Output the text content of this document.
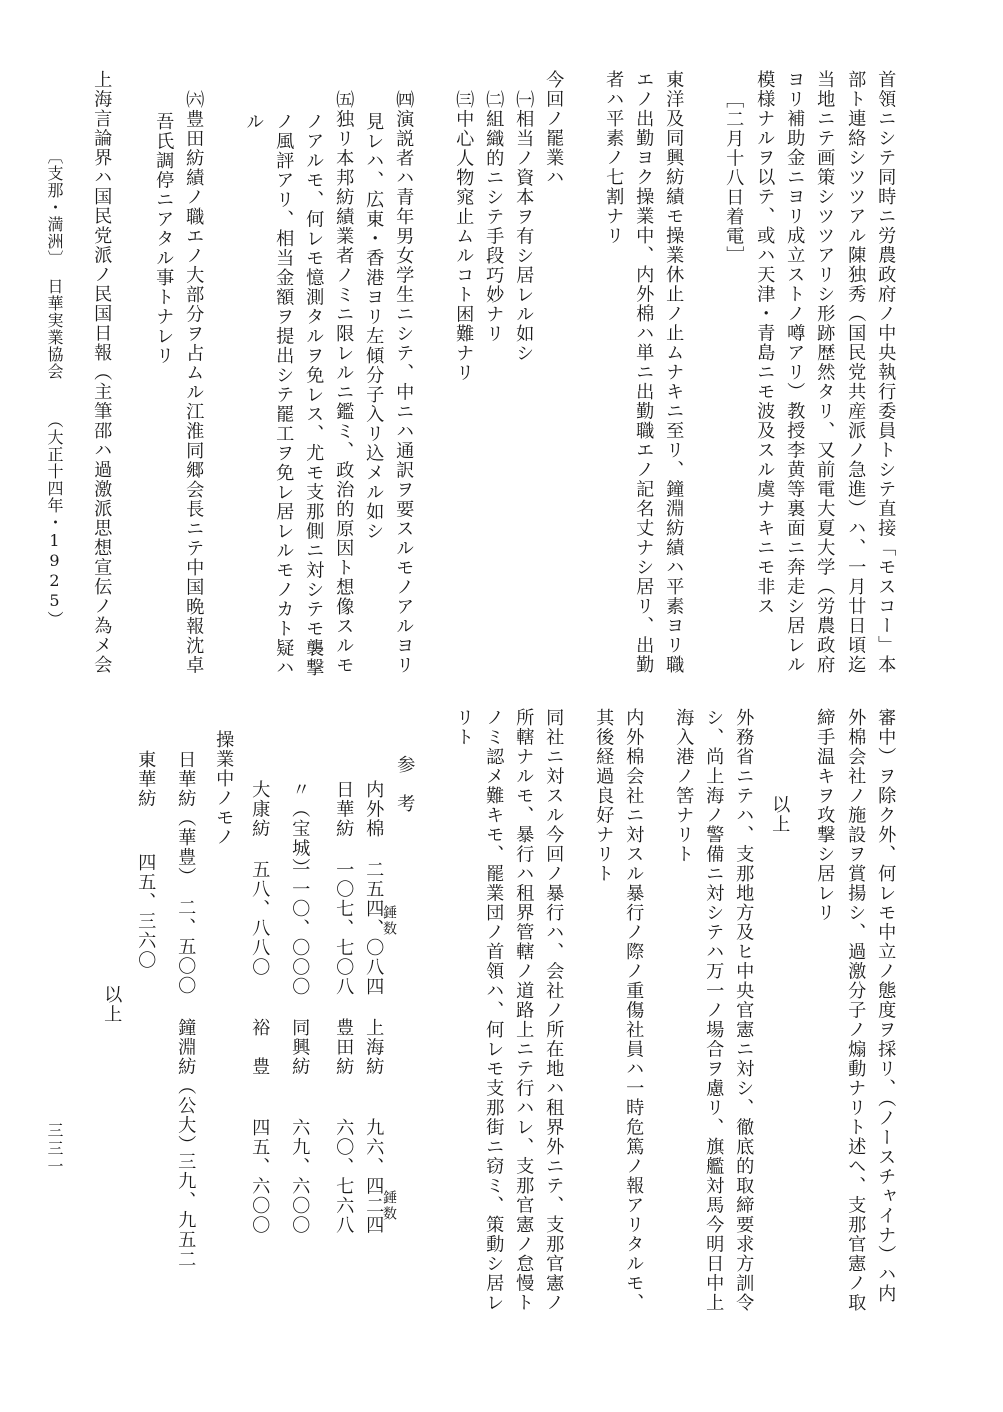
首領ニシテ同時ニ労農政府ノ中央執行委員トシテ直接「モスコー」本
部ト連絡シツツアル陳独秀（国民党共産派ノ急進）ハ、一月廿日頃迄
当地ニテ画策シツツアリシ形跡歴然タリ、又前電大夏大学（労農政府
ヨリ補助金ニヨリ成立ストノ噂アリ）教授李黄等裏面ニ奔走シ居レル
模様ナルヲ以テ、或ハ天津・青島ニモ波及スル虞ナキニモ非ス
［二月十八日着電］
東洋及同興紡績モ操業休止ノ止ムナキニ至リ、鐘淵紡績ハ平素ヨリ職
エノ出勤ヨク操業中、内外棉ハ単ニ出勤職エノ記名丈ナシ居リ、出勤
者ハ平素ノ七割ナリ
今回ノ罷業ハ
㈠相当ノ資本ヲ有シ居レル如シ
㈡組織的ニシテ手段巧妙ナリ
㈢中心人物窕止ムルコト困難ナリ
㈣演説者ハ青年男女学生ニシテ、中ニハ通訳ヲ要スルモノアルヨリ
見レハ、広東・香港ヨリ左傾分子入リ込メル如シ
㈤独リ本邦紡績業者ノミニ限レルニ鑑ミ、政治的原因ト想像スルモ
ノアルモ、何レモ憶測タルヲ免レス、尤モ支那側ニ対シテモ襲撃
ノ風評アリ、相当金額ヲ提出シテ罷工ヲ免レ居レルモノカト疑ハ
ル
㈥豊田紡績ノ職エノ大部分ヲ占ムル江淮同郷会長ニテ中国晩報沈卓
吾氏調停ニアタル事トナレリ
上海言論界ハ国民党派ノ民国日報（主筆邵ハ過激派思想宣伝ノ為メ会
〔支那・満洲〕
日華実業協会
（大正十四年・1925）
審中）ヲ除ク外、何レモ中立ノ態度ヲ採リ、（ノースチャイナ）ハ内
外棉会社ノ施設ヲ賞揚シ、過激分子ノ煽動ナリト述ヘ、支那官憲ノ取
締手温キヲ攻撃シ居レリ
以上
外務省ニテハ、支那地方及ヒ中央官憲ニ対シ、徹底的取締要求方訓令
シ、尚上海ノ警備ニ対シテハ万一ノ場合ヲ慮リ、旗艦対馬今明日中上
海入港ノ筈ナリト
内外棉会社ニ対スル暴行ノ際ノ重傷社員ハ一時危篤ノ報アリタルモ、
其後経過良好ナリト
同社ニ対スル今回ノ暴行ハ、会社ノ所在地ハ租界外ニテ、支那官憲ノ
所轄ナルモ、暴行ハ租界管轄ノ道路上ニテ行ハレ、支那官憲ノ怠慢ト
ノミ認メ難キモ、罷業団ノ首領ハ、何レモ支那街ニ窃ミ、策動シ居レ
リト
参　考
内外棉
二五四、〇八四
錘数
上海紡
九六、四二四
錘数
日華紡
一〇七、七〇八
豊田紡
六〇、七六八
〃（宝城）
一一〇、〇〇〇
同興紡
六九、六〇〇
大康紡
五八、八八〇
裕　豊
四五、六〇〇
操業中ノモノ
日華紡（華豊）
二、五〇〇
鐘淵紡（公大）
三九、九五二
東華紡
四五、三六〇
以上
三三一
